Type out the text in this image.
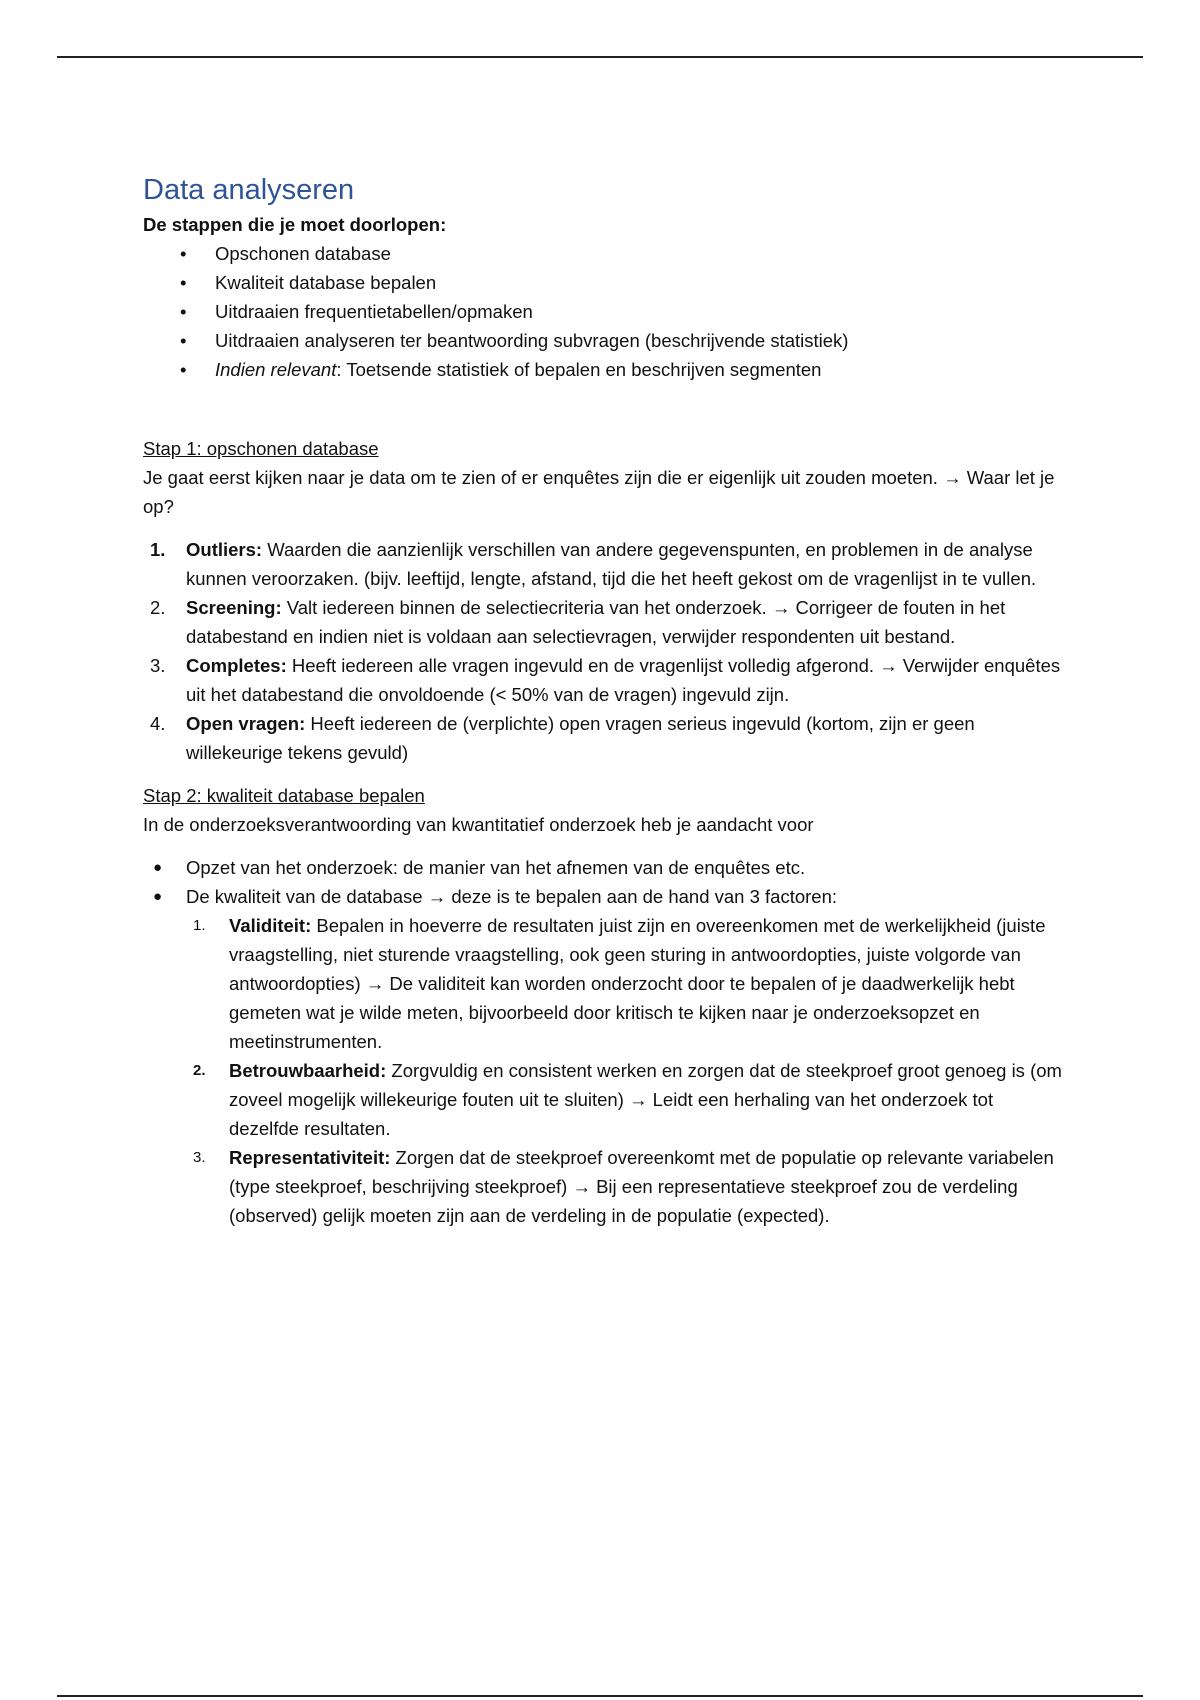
Data analyseren

De stappen die je moet doorlopen:

• Opschonen database
• Kwaliteit database bepalen
• Uitdraaien frequentietabellen/opmaken
• Uitdraaien analyseren ter beantwoording subvragen (beschrijvende statistiek)
• Indien relevant: Toetsende statistiek of bepalen en beschrijven segmenten

Stap 1: opschonen database

Je gaat eerst kijken naar je data om te zien of er enquêtes zijn die er eigenlijk uit zouden moeten. → Waar let je op?

1. Outliers: Waarden die aanzienlijk verschillen van andere gegevenspunten, en problemen in de analyse kunnen veroorzaken. (bijv. leeftijd, lengte, afstand, tijd die het heeft gekost om de vragenlijst in te vullen.
2. Screening: Valt iedereen binnen de selectiecriteria van het onderzoek. → Corrigeer de fouten in het databestand en indien niet is voldaan aan selectievragen, verwijder respondenten uit bestand.
3. Completes: Heeft iedereen alle vragen ingevuld en de vragenlijst volledig afgerond. → Verwijder enquêtes uit het databestand die onvoldoende (< 50% van de vragen) ingevuld zijn.
4. Open vragen: Heeft iedereen de (verplichte) open vragen serieus ingevuld (kortom, zijn er geen willekeurige tekens gevuld)

Stap 2: kwaliteit database bepalen

In de onderzoeksverantwoording van kwantitatief onderzoek heb je aandacht voor

● Opzet van het onderzoek: de manier van het afnemen van de enquêtes etc.
● De kwaliteit van de database → deze is te bepalen aan de hand van 3 factoren:
1. Validiteit: Bepalen in hoeverre de resultaten juist zijn en overeenkomen met de werkelijkheid (juiste vraagstelling, niet sturende vraagstelling, ook geen sturing in antwoordopties, juiste volgorde van antwoordopties) → De validiteit kan worden onderzocht door te bepalen of je daadwerkelijk hebt gemeten wat je wilde meten, bijvoorbeeld door kritisch te kijken naar je onderzoeksopzet en meetinstrumenten.
2. Betrouwbaarheid: Zorgvuldig en consistent werken en zorgen dat de steekproef groot genoeg is (om zoveel mogelijk willekeurige fouten uit te sluiten) → Leidt een herhaling van het onderzoek tot dezelfde resultaten.
3. Representativiteit: Zorgen dat de steekproef overeenkomt met de populatie op relevante variabelen (type steekproef, beschrijving steekproef) → Bij een representatieve steekproef zou de verdeling (observed) gelijk moeten zijn aan de verdeling in de populatie (expected).
